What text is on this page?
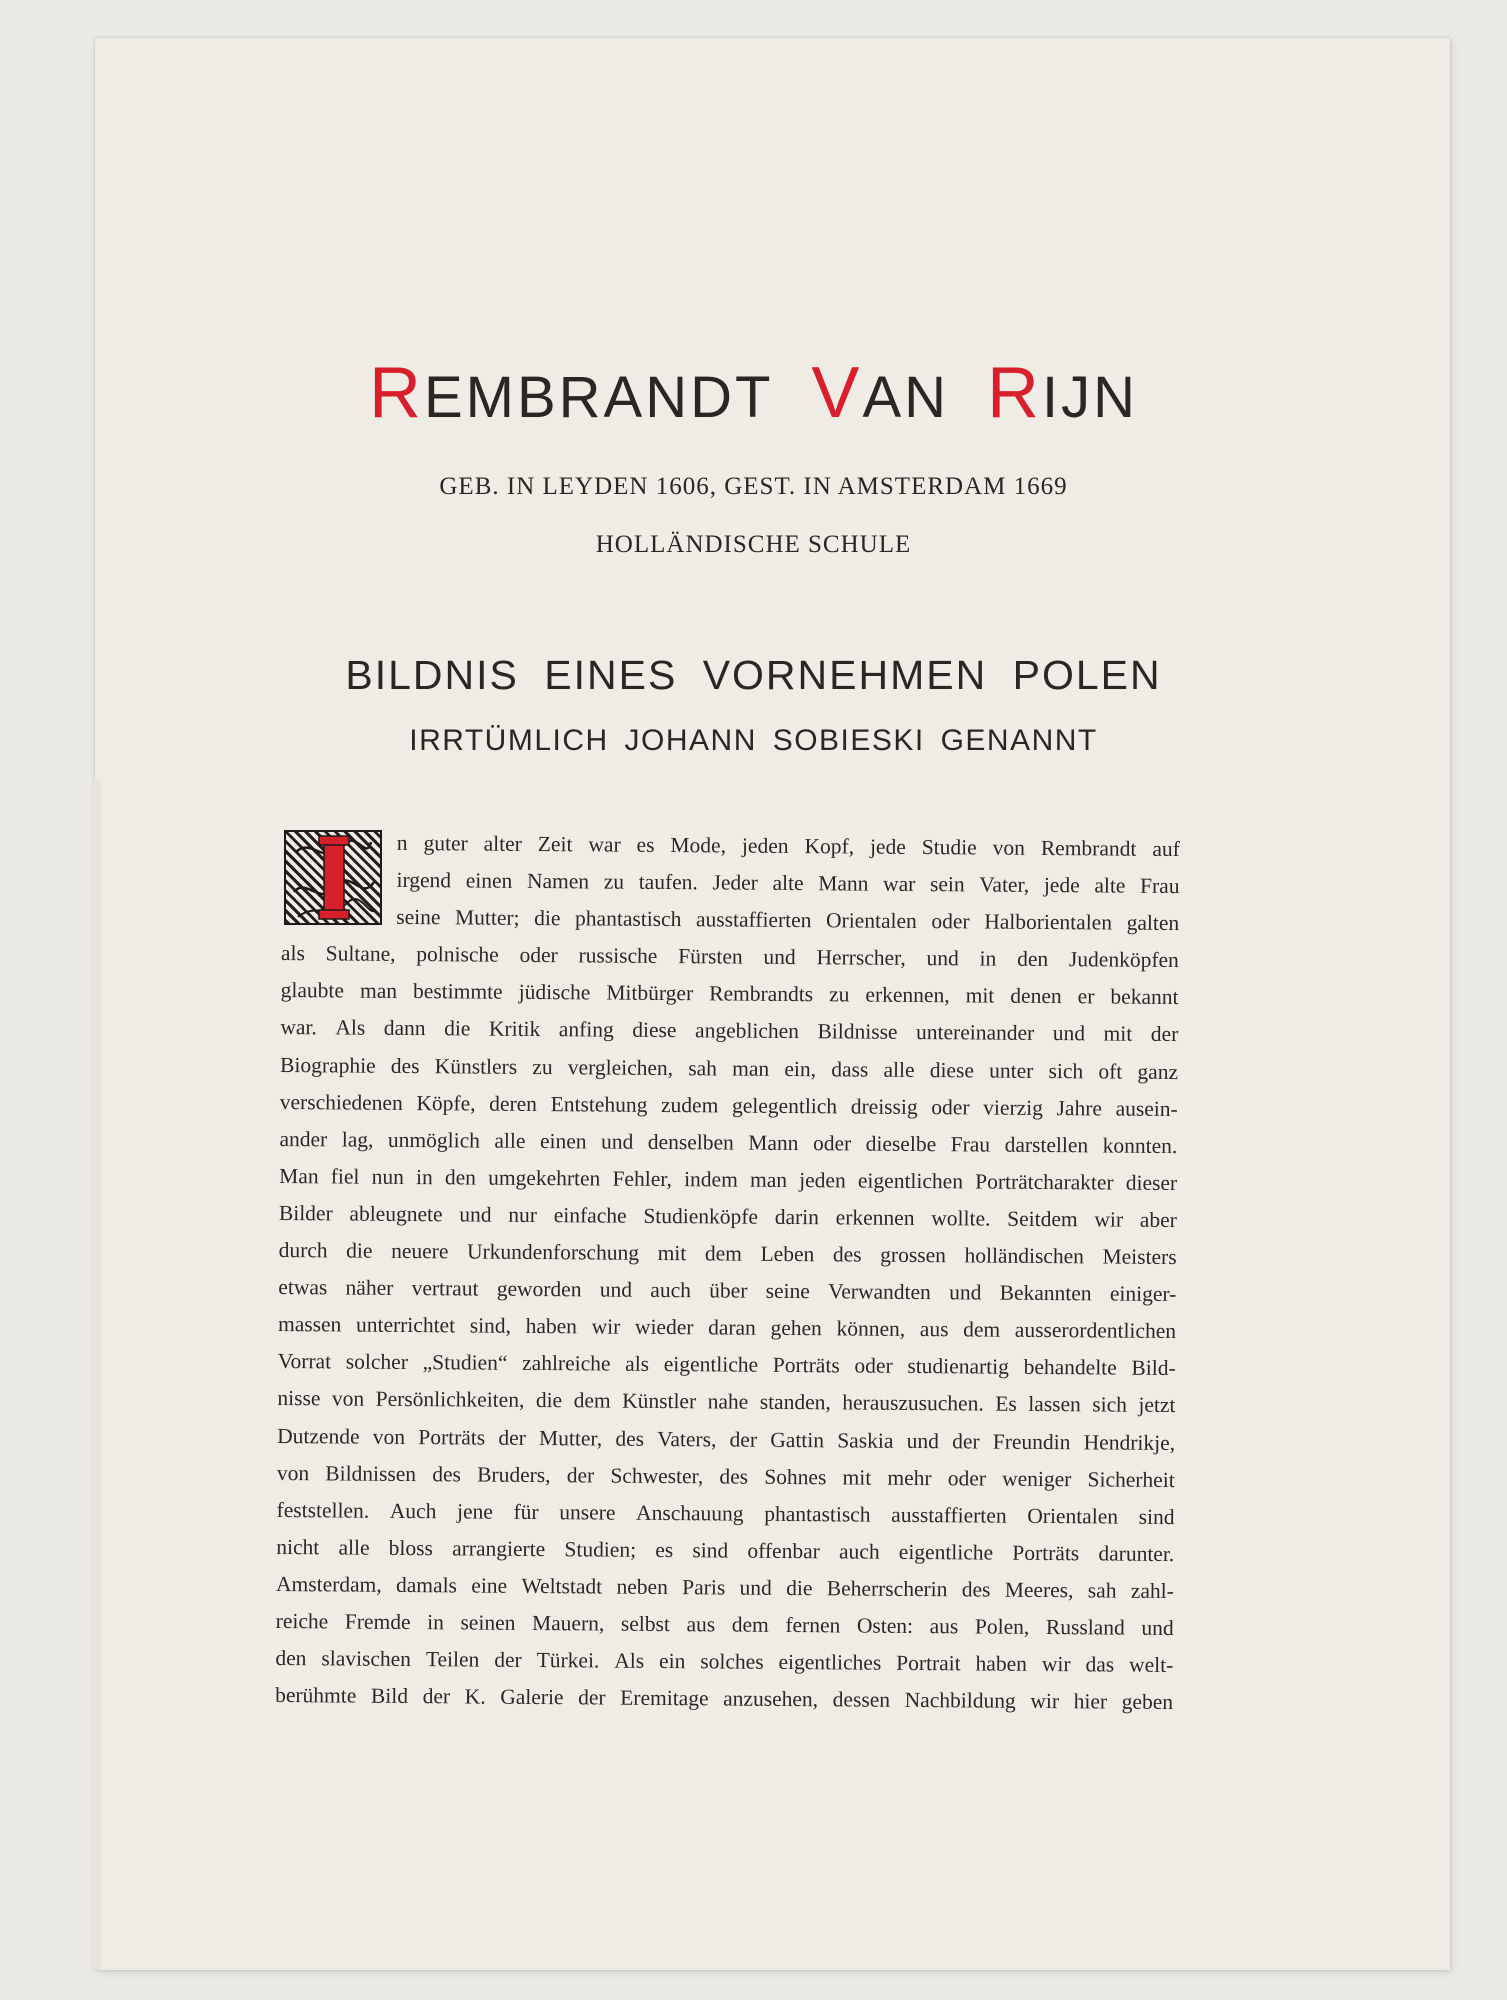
REMBRANDT VAN RIJN
GEB. IN LEYDEN 1606, GEST. IN AMSTERDAM 1669
HOLLÄNDISCHE SCHULE
BILDNIS EINES VORNEHMEN POLEN
IRRTÜMLICH JOHANN SOBIESKI GENANNT
n guter alter Zeit war es Mode, jeden Kopf, jede Studie von Rembrandt auf
irgend einen Namen zu taufen. Jeder alte Mann war sein Vater, jede alte Frau
seine Mutter; die phantastisch ausstaffierten Orientalen oder Halborientalen galten
als Sultane, polnische oder russische Fürsten und Herrscher, und in den Judenköpfen
glaubte man bestimmte jüdische Mitbürger Rembrandts zu erkennen, mit denen er bekannt
war. Als dann die Kritik anfing diese angeblichen Bildnisse untereinander und mit der
Biographie des Künstlers zu vergleichen, sah man ein, dass alle diese unter sich oft ganz
verschiedenen Köpfe, deren Entstehung zudem gelegentlich dreissig oder vierzig Jahre ausein-
ander lag, unmöglich alle einen und denselben Mann oder dieselbe Frau darstellen konnten.
Man fiel nun in den umgekehrten Fehler, indem man jeden eigentlichen Porträtcharakter dieser
Bilder ableugnete und nur einfache Studienköpfe darin erkennen wollte. Seitdem wir aber
durch die neuere Urkundenforschung mit dem Leben des grossen holländischen Meisters
etwas näher vertraut geworden und auch über seine Verwandten und Bekannten einiger-
massen unterrichtet sind, haben wir wieder daran gehen können, aus dem ausserordentlichen
Vorrat solcher „Studien“ zahlreiche als eigentliche Porträts oder studienartig behandelte Bild-
nisse von Persönlichkeiten, die dem Künstler nahe standen, herauszusuchen. Es lassen sich jetzt
Dutzende von Porträts der Mutter, des Vaters, der Gattin Saskia und der Freundin Hendrikje,
von Bildnissen des Bruders, der Schwester, des Sohnes mit mehr oder weniger Sicherheit
feststellen. Auch jene für unsere Anschauung phantastisch ausstaffierten Orientalen sind
nicht alle bloss arrangierte Studien; es sind offenbar auch eigentliche Porträts darunter.
Amsterdam, damals eine Weltstadt neben Paris und die Beherrscherin des Meeres, sah zahl-
reiche Fremde in seinen Mauern, selbst aus dem fernen Osten: aus Polen, Russland und
den slavischen Teilen der Türkei. Als ein solches eigentliches Portrait haben wir das welt-
berühmte Bild der K. Galerie der Eremitage anzusehen, dessen Nachbildung wir hier geben
